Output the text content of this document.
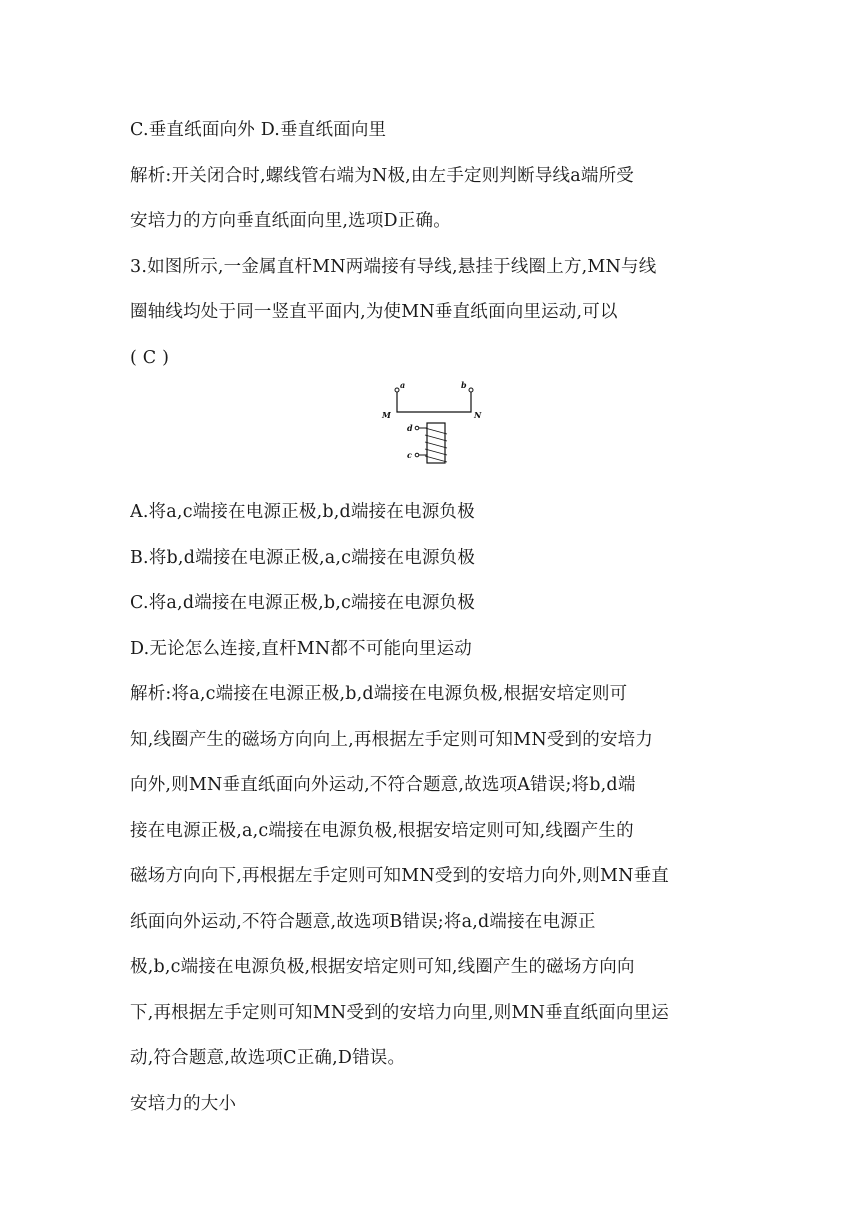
C.垂直纸面向外 D.垂直纸面向里
解析:开关闭合时,螺线管右端为N极,由左手定则判断导线a端所受
安培力的方向垂直纸面向里,选项D正确。
3.如图所示,一金属直杆MN两端接有导线,悬挂于线圈上方,MN与线
圈轴线均处于同一竖直平面内,为使MN垂直纸面向里运动,可以
( C )
a	b
M	N
d
c
A.将a,c端接在电源正极,b,d端接在电源负极
B.将b,d端接在电源正极,a,c端接在电源负极
C.将a,d端接在电源正极,b,c端接在电源负极
D.无论怎么连接,直杆MN都不可能向里运动
解析:将a,c端接在电源正极,b,d端接在电源负极,根据安培定则可
知,线圈产生的磁场方向向上,再根据左手定则可知MN受到的安培力
向外,则MN垂直纸面向外运动,不符合题意,故选项A错误;将b,d端
接在电源正极,a,c端接在电源负极,根据安培定则可知,线圈产生的
磁场方向向下,再根据左手定则可知MN受到的安培力向外,则MN垂直
纸面向外运动,不符合题意,故选项B错误;将a,d端接在电源正
极,b,c端接在电源负极,根据安培定则可知,线圈产生的磁场方向向
下,再根据左手定则可知MN受到的安培力向里,则MN垂直纸面向里运
动,符合题意,故选项C正确,D错误。
安培力的大小
